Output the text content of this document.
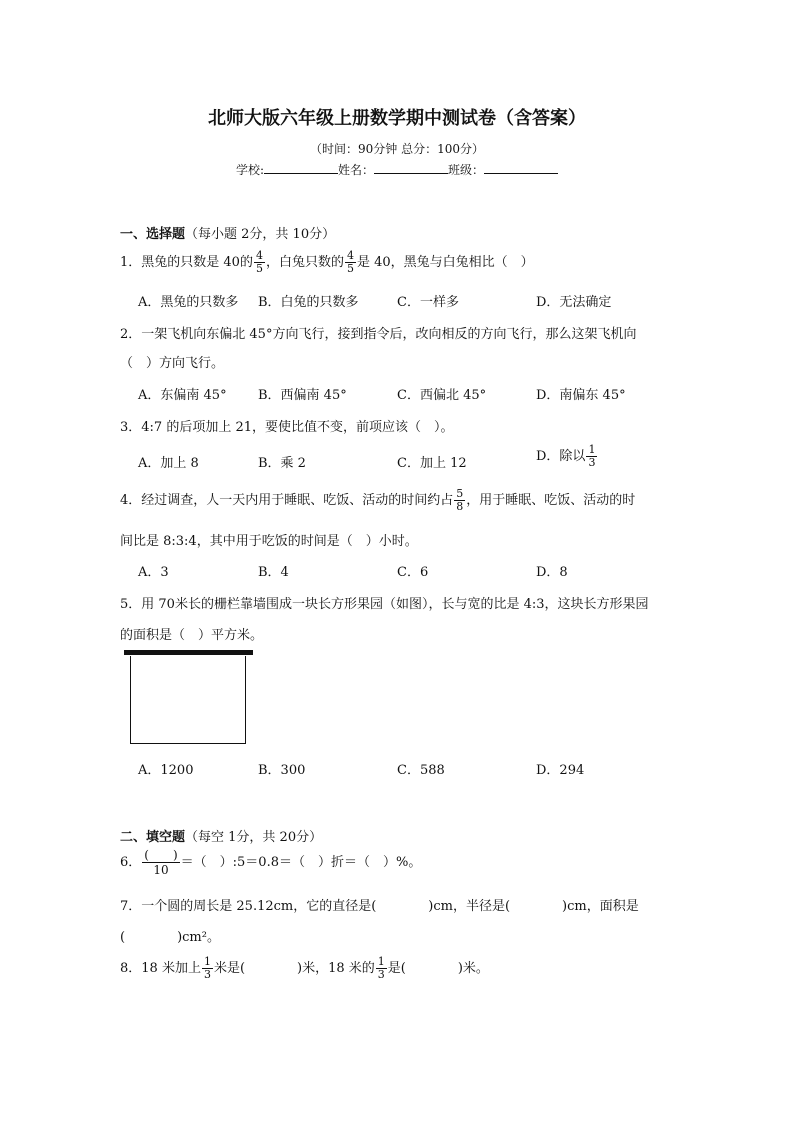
北师大版六年级上册数学期中测试卷（含答案）
（时间：90分钟 总分：100分）
学校:	姓名：	班级：
一、选择题（每小题 2分，共 10分）
1．黑兔的只数是 40的 $\frac{4}{5}$ ，白兔只数的 $\frac{4}{5}$ 是 40，黑兔与白兔相比（　）
A．黑兔的只数多 B．白兔的只数多	C．一样多	D．无法确定
2．一架飞机向东偏北 45°方向飞行，接到指令后，改向相反的方向飞行，那么这架飞机向
（　）方向飞行。
A．东偏南 45° B．西偏南 45°	C．西偏北 45°	D．南偏东 45°
3．4:7 的后项加上 21，要使比值不变，前项应该（　）。
A．加上 8	B．乘 2	C．加上 12	D．除以 $\frac{1}{3}$
4．经过调查，人一天内用于睡眠、吃饭、活动的时间约占 $\frac{5}{8}$ ，用于睡眠、吃饭、活动的时
间比是 8:3:4，其中用于吃饭的时间是（　）小时。
A．3	B．4	C．6	D．8
5．用 70米长的栅栏靠墙围成一块长方形果园（如图），长与宽的比是 4:3，这块长方形果园
的面积是（　）平方米。
A．1200	B．300	C．588	D．294
二、填空题（每空 1分，共 20分）
6． $\frac{( )}{10}$ ＝（　）:5＝0.8＝（　）折＝（　）%。
7．一个圆的周长是 25.12cm，它的直径是(　　　　)cm，半径是(　　　　)cm，面积是
(　　　　)cm²。
8．18 米加上 $\frac{1}{3}$ 米是(　　　　)米，18 米的 $\frac{1}{3}$ 是(　　　　)米。
